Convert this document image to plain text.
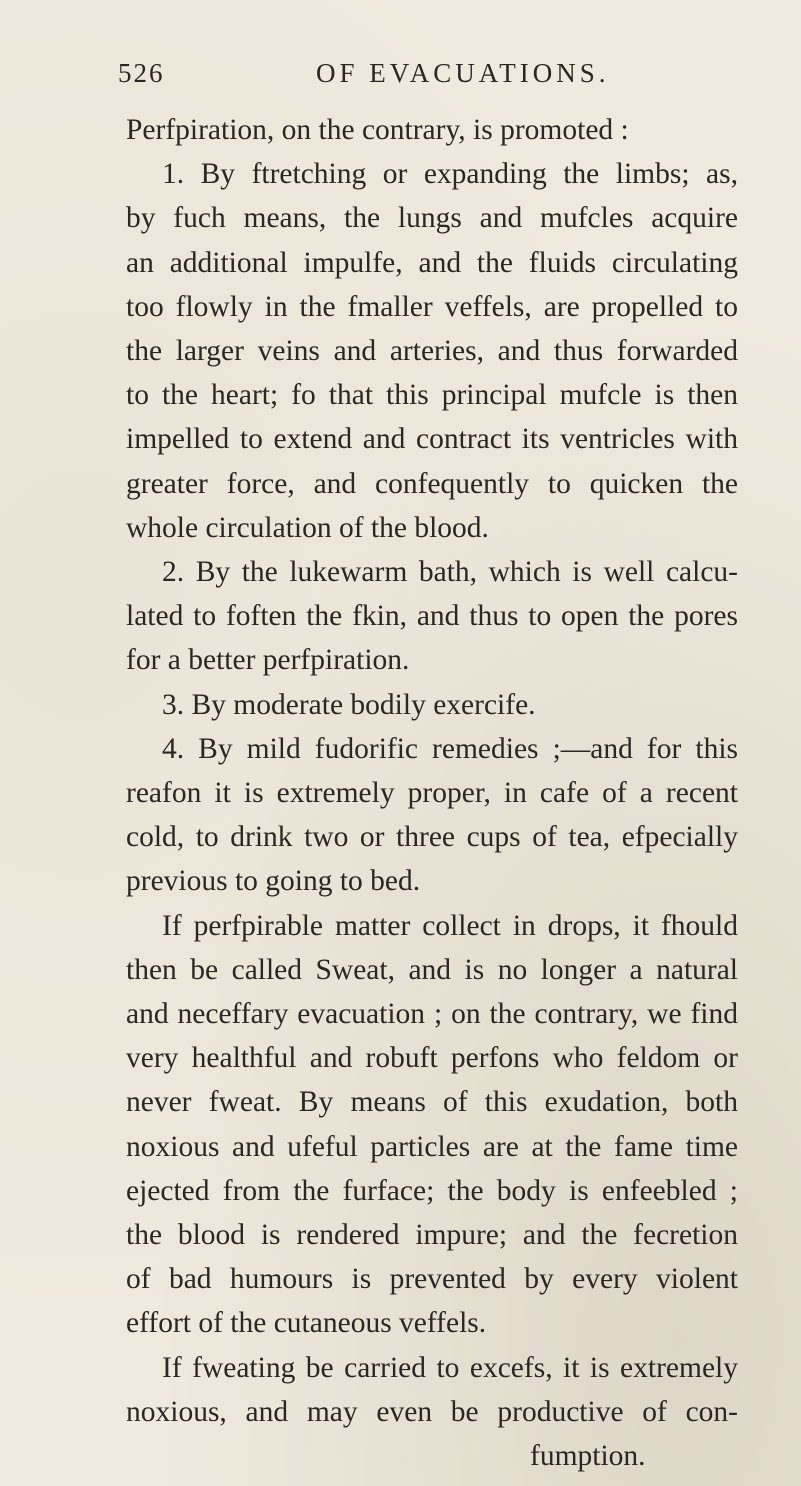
526	OF EVACUATIONS.
Perfpiration, on the contrary, is promoted :
1. By ftretching or expanding the limbs; as,
by fuch means, the lungs and mufcles acquire
an additional impulfe, and the fluids circulating
too flowly in the fmaller veffels, are propelled to
the larger veins and arteries, and thus forwarded
to the heart; fo that this principal mufcle is then
impelled to extend and contract its ventricles with
greater force, and confequently to quicken the
whole circulation of the blood.
2. By the lukewarm bath, which is well calcu-
lated to foften the fkin, and thus to open the pores
for a better perfpiration.
3. By moderate bodily exercife.
4. By mild fudorific remedies ;—and for this
reafon it is extremely proper, in cafe of a recent
cold, to drink two or three cups of tea, efpecially
previous to going to bed.
If perfpirable matter collect in drops, it fhould
then be called Sweat, and is no longer a natural
and neceffary evacuation ; on the contrary, we find
very healthful and robuft perfons who feldom or
never fweat. By means of this exudation, both
noxious and ufeful particles are at the fame time
ejected from the furface; the body is enfeebled ;
the blood is rendered impure; and the fecretion
of bad humours is prevented by every violent
effort of the cutaneous veffels.
If fweating be carried to excefs, it is extremely
noxious, and may even be productive of con-
fumption.
